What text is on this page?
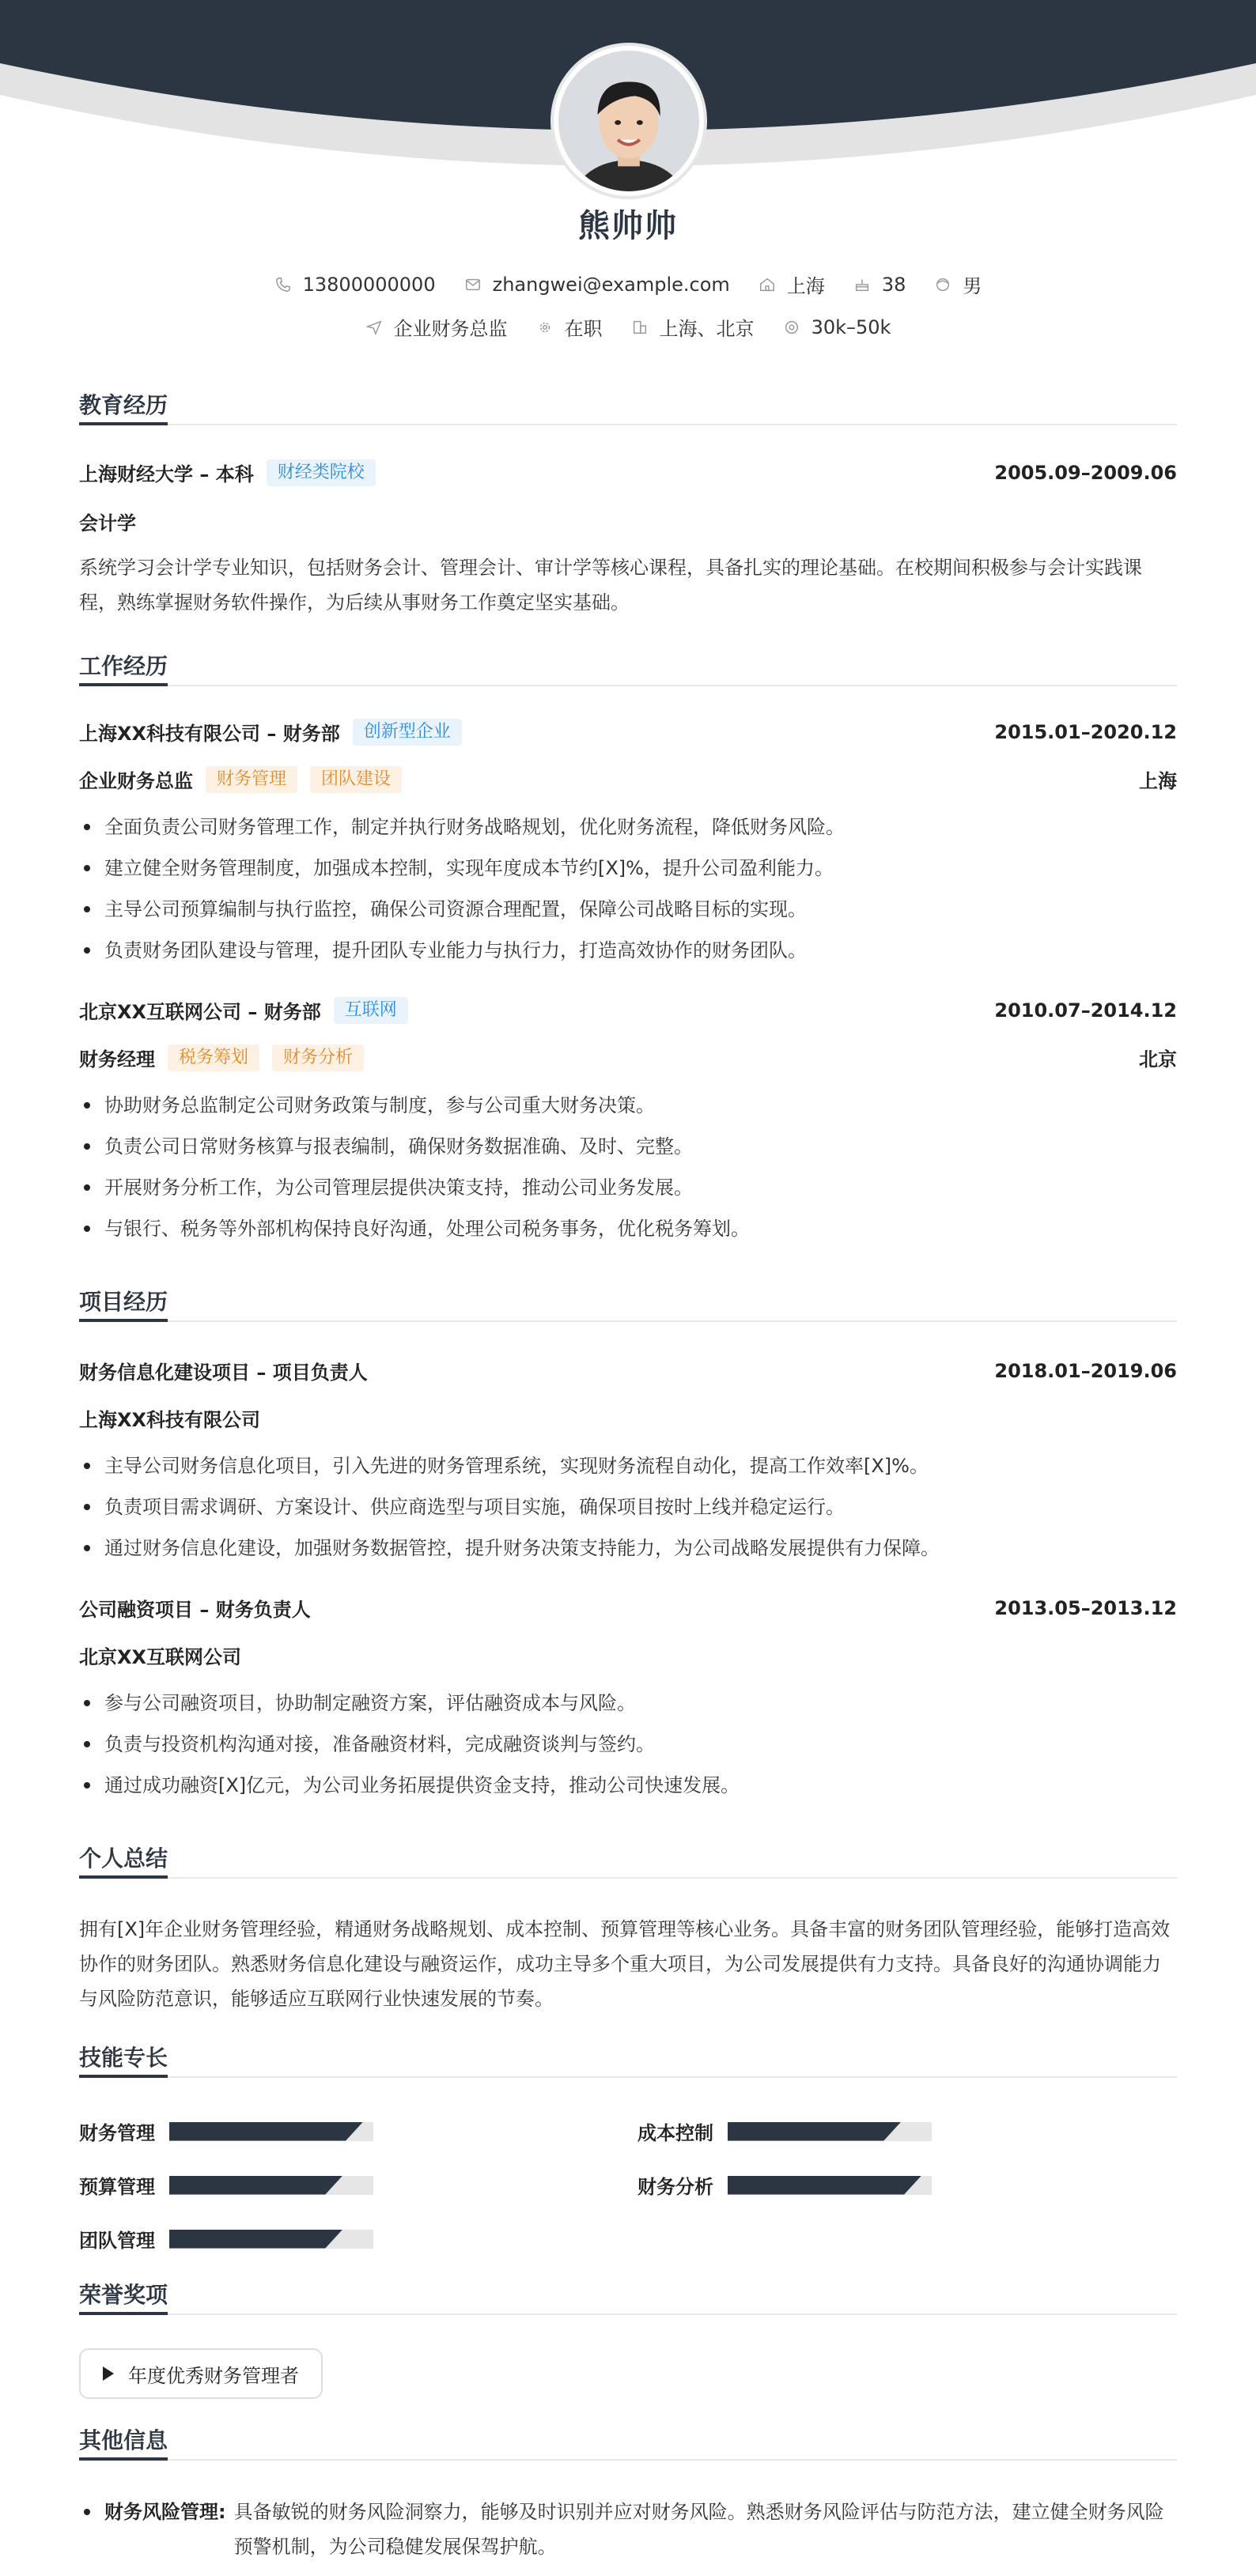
熊帅帅
13800000000	zhangwei@example.com	上海	38	男
企业财务总监	在职	上海、北京	30k–50k
教育经历
上海财经大学 – 本科	财经类院校	2005.09–2009.06
会计学
系统学习会计学专业知识，包括财务会计、管理会计、审计学等核心课程，具备扎实的理论基础。在校期间积极参与会计实践课程，熟练掌握财务软件操作，为后续从事财务工作奠定坚实基础。
工作经历
上海XX科技有限公司 – 财务部	创新型企业	2015.01–2020.12
企业财务总监	财务管理	团队建设	上海
全面负责公司财务管理工作，制定并执行财务战略规划，优化财务流程，降低财务风险。
建立健全财务管理制度，加强成本控制，实现年度成本节约[X]%，提升公司盈利能力。
主导公司预算编制与执行监控，确保公司资源合理配置，保障公司战略目标的实现。
负责财务团队建设与管理，提升团队专业能力与执行力，打造高效协作的财务团队。
北京XX互联网公司 – 财务部	互联网	2010.07–2014.12
财务经理	税务筹划	财务分析	北京
协助财务总监制定公司财务政策与制度，参与公司重大财务决策。
负责公司日常财务核算与报表编制，确保财务数据准确、及时、完整。
开展财务分析工作，为公司管理层提供决策支持，推动公司业务发展。
与银行、税务等外部机构保持良好沟通，处理公司税务事务，优化税务筹划。
项目经历
财务信息化建设项目 – 项目负责人	2018.01–2019.06
上海XX科技有限公司
主导公司财务信息化项目，引入先进的财务管理系统，实现财务流程自动化，提高工作效率[X]%。
负责项目需求调研、方案设计、供应商选型与项目实施，确保项目按时上线并稳定运行。
通过财务信息化建设，加强财务数据管控，提升财务决策支持能力，为公司战略发展提供有力保障。
公司融资项目 – 财务负责人	2013.05–2013.12
北京XX互联网公司
参与公司融资项目，协助制定融资方案，评估融资成本与风险。
负责与投资机构沟通对接，准备融资材料，完成融资谈判与签约。
通过成功融资[X]亿元，为公司业务拓展提供资金支持，推动公司快速发展。
个人总结
拥有[X]年企业财务管理经验，精通财务战略规划、成本控制、预算管理等核心业务。具备丰富的财务团队管理经验，能够打造高效协作的财务团队。熟悉财务信息化建设与融资运作，成功主导多个重大项目，为公司发展提供有力支持。具备良好的沟通协调能力与风险防范意识，能够适应互联网行业快速发展的节奏。
技能专长
财务管理	成本控制
预算管理	财务分析
团队管理
荣誉奖项
年度优秀财务管理者
其他信息
财务风险管理: 具备敏锐的财务风险洞察力，能够及时识别并应对财务风险。熟悉财务风险评估与防范方法，建立健全财务风险预警机制，为公司稳健发展保驾护航。
